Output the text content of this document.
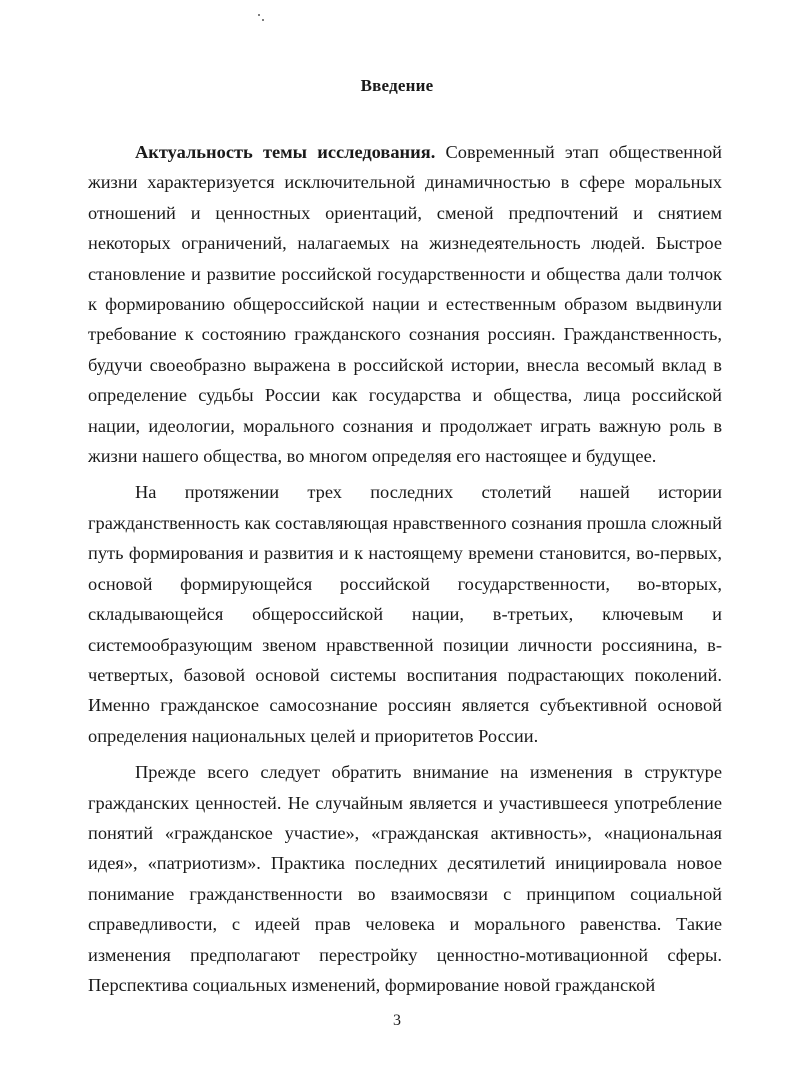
Введение

Актуальность темы исследования. Современный этап общественной жизни характеризуется исключительной динамичностью в сфере моральных отношений и ценностных ориентаций, сменой предпочтений и снятием некоторых ограничений, налагаемых на жизнедеятельность людей. Быстрое становление и развитие российской государственности и общества дали толчок к формированию общероссийской нации и естественным образом выдвинули требование к состоянию гражданского сознания россиян. Гражданственность, будучи своеобразно выражена в российской истории, внесла весомый вклад в определение судьбы России как государства и общества, лица российской нации, идеологии, морального сознания и продолжает играть важную роль в жизни нашего общества, во многом определяя его настоящее и будущее.

На протяжении трех последних столетий нашей истории гражданственность как составляющая нравственного сознания прошла сложный путь формирования и развития и к настоящему времени становится, во-первых, основой формирующейся российской государственности, во-вторых, складывающейся общероссийской нации, в-третьих, ключевым и системообразующим звеном нравственной позиции личности россиянина, в-четвертых, базовой основой системы воспитания подрастающих поколений. Именно гражданское самосознание россиян является субъективной основой определения национальных целей и приоритетов России.

Прежде всего следует обратить внимание на изменения в структуре гражданских ценностей. Не случайным является и участившееся употребление понятий «гражданское участие», «гражданская активность», «национальная идея», «патриотизм». Практика последних десятилетий инициировала новое понимание гражданственности во взаимосвязи с принципом социальной справедливости, с идеей прав человека и морального равенства. Такие изменения предполагают перестройку ценностно-мотивационной сферы. Перспектива социальных изменений, формирование новой гражданской

3
